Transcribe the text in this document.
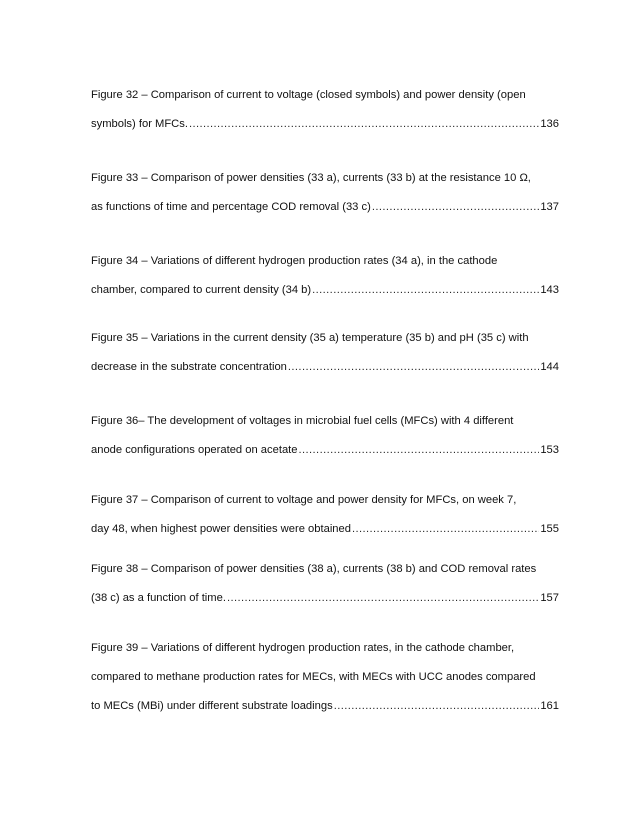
Figure 32 – Comparison of current to voltage (closed symbols) and power density (open
symbols) for MFCs. .....	136
Figure 33 – Comparison of power densities (33 a), currents (33 b) at the resistance 10 Ω,
as functions of time and percentage COD removal (33 c) .....	137
Figure 34 – Variations of different hydrogen production rates (34 a), in the cathode
chamber, compared to current density (34 b) .....	143
Figure 35 – Variations in the current density (35 a) temperature (35 b) and pH (35 c) with
decrease in the substrate concentration .....	144
Figure 36– The development of voltages in microbial fuel cells (MFCs) with 4 different
anode configurations operated on acetate .....	153
Figure 37 – Comparison of current to voltage and power density for MFCs, on week 7,
day 48, when highest power densities were obtained .....	155
Figure 38 – Comparison of power densities (38 a), currents (38 b) and COD removal rates
(38 c) as a function of time. .....	157
Figure 39 – Variations of different hydrogen production rates, in the cathode chamber,
compared to methane production rates for MECs, with MECs with UCC anodes compared
to MECs (MBi) under different substrate loadings .....	161
